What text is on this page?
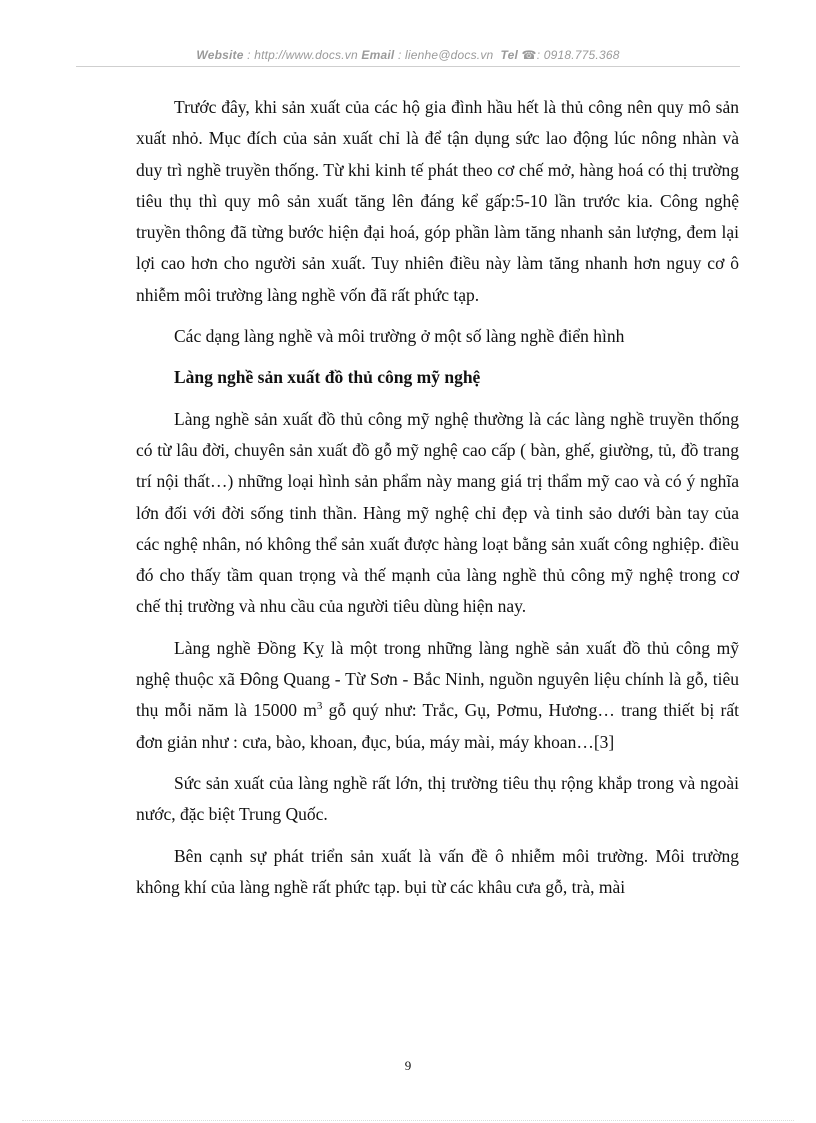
Website : http://www.docs.vn Email : lienhe@docs.vn Tel ☎: 0918.775.368

Trước đây, khi sản xuất của các hộ gia đình hầu hết là thủ công nên quy mô sản xuất nhỏ. Mục đích của sản xuất chỉ là để tận dụng sức lao động lúc nông nhàn và duy trì nghề truyền thống. Từ khi kinh tế phát theo cơ chế mở, hàng hoá có thị trường tiêu thụ thì quy mô sản xuất tăng lên đáng kể gấp:5-10 lần trước kia. Công nghệ truyền thông đã từng bước hiện đại hoá, góp phần làm tăng nhanh sản lượng, đem lại lợi cao hơn cho người sản xuất. Tuy nhiên điều này làm tăng nhanh hơn nguy cơ ô nhiễm môi trường làng nghề vốn đã rất phức tạp.

Các dạng làng nghề và môi trường ở một số làng nghề điển hình

Làng nghề sản xuất đồ thủ công mỹ nghệ

Làng nghề sản xuất đồ thủ công mỹ nghệ thường là các làng nghề truyền thống có từ lâu đời, chuyên sản xuất đồ gỗ mỹ nghệ cao cấp ( bàn, ghế, giường, tủ, đồ trang trí nội thất…) những loại hình sản phẩm này mang giá trị thẩm mỹ cao và có ý nghĩa lớn đối với đời sống tinh thần. Hàng mỹ nghệ chỉ đẹp và tinh sảo dưới bàn tay của các nghệ nhân, nó không thể sản xuất được hàng loạt bằng sản xuất công nghiệp. điều đó cho thấy tầm quan trọng và thế mạnh của làng nghề thủ công mỹ nghệ trong cơ chế thị trường và nhu cầu của người tiêu dùng hiện nay.

Làng nghề Đồng Kỵ là một trong những làng nghề sản xuất đồ thủ công mỹ nghệ thuộc xã Đông Quang - Từ Sơn - Bắc Ninh, nguồn nguyên liệu chính là gỗ, tiêu thụ mỗi năm là 15000 $m^3$ gỗ quý như: Trắc, Gụ, Pơmu, Hương… trang thiết bị rất đơn giản như : cưa, bào, khoan, đục, búa, máy mài, máy khoan…[3]

Sức sản xuất của làng nghề rất lớn, thị trường tiêu thụ rộng khắp trong và ngoài nước, đặc biệt Trung Quốc.

Bên cạnh sự phát triển sản xuất là vấn đề ô nhiễm môi trường. Môi trường không khí của làng nghề rất phức tạp. bụi từ các khâu cưa gỗ, trà, mài

9
